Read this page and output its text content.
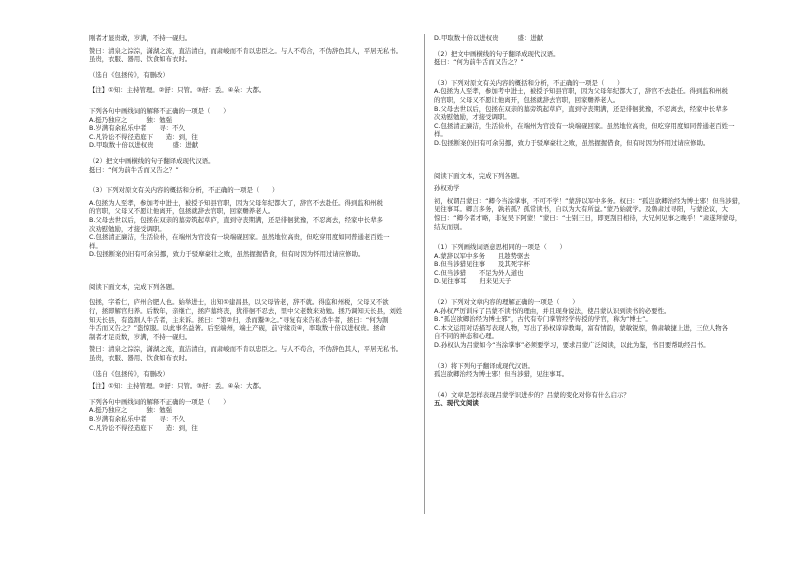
刚者才显贵敢，岁满，不持一砚归。

赞曰：清泉之淙淙，潇湖之流，直洁清白，而肃峻而不肯以忠臣之。与人不苟合，不伪辞色其人，平居无私书。

虽贵，衣服、器用、饮食如布衣时。

（选自《包拯传》，有删改）

【注】①知：主持管理。②舒：只管。③舒：丢。④朵：大都。

下列各句中画线词的解释不正确的一项是（　　）

A.挺乃独应之　　　独：勉强

B.岁满有余私乐中者　　寻：不久

C.凡铃讼不得径造庭下　　造：到，往

D.甲取数十倍以进权贵　　　盛：进献

（2）把文中画横线的句子翻译成现代汉语。

挺曰：“何为前牛舌而又告之？”

（3）下列对原文有关内容的概括和分析，不正确的一项是（　　）

A.包拯为人至孝，参加考中进士，被授予知县官职，因为父母年纪都大了，辞官不去赴任。得到监和州税

的官职，父母又不愿让他离开，包拯就辞去官职，回家赡养老人。

B.父母去世以后，包拯在双亲的墓旁筑起草庐，直到守丧期满，还是徘徊犹豫，不忍离去，经家中长辈多

次劝慰勉励，才接受调职。

C.包拯清正廉洁，生活俭朴，在端州为官没有一块端砚回家。虽然地位高贵，但吃穿用度如同普通老百姓一

样。

D.包拯断案仍旧有可余另挪，致力于驳摩豪壮之败，虽然握握借食，但有时因为怀用过请应修助。

阅读下面文本，完成下列各题。

包拯，字希仁，庐州合肥人也。始举进士，出知①建昌县，以父母皆老，辞不就。得监和州税，父母又不欲

行，拯即解官归养。后数年，亲继亡，拯庐墓终丧，犹徘徊不忍去，里中父老数来劝勉。拯乃调知天长县，刘姓

知天长县，有盗割人牛舌者，主来诉。拯曰：“第②归，杀而鬻③之。”寻复有来告私杀牛者，拯曰：“何为割

牛舌而又告之？”盗惊服。以此事名益著。后至端州，端土产砚，前守缘贡④，率取数十倍以进权贵。拯命

制者才足贡数，岁满，不持一砚归。

赞曰：清泉之淙淙，潇湖之流，直洁清白，而肃峻而不肯以忠臣之。与人不苟合，不伪辞色其人，平居无私书。

虽贵，衣服、器用、饮食如布衣时。

（选自《包拯传》，有删改）

【注】①知：主持管理。②舒：只管。③舒：丢。④朵：大都。

下列各句中画线词的解释不正确的一项是（　　）

A.挺乃独应之　　　独：勉强

B.岁满有余私乐中者　　寻：不久

C.凡铃讼不得径造庭下　　造：到，往

D.甲取数十倍以进权贵　　　盛：进献

（2）把文中画横线的句子翻译成现代汉语。

挺曰：“何为前牛舌而又告之？”

（3）下列对原文有关内容的概括和分析，不正确的一项是（　　）

A.包拯为人至孝，参加考中进士，被授予知县官职，因为父母年纪都大了，辞官不去赴任。得到监和州税

的官职，父母又不愿让他离开，包拯就辞去官职，回家赡养老人。

B.父母去世以后，包拯在双亲的墓旁筑起草庐，直到守丧期满，还是徘徊犹豫，不忍离去，经家中长辈多

次劝慰勉励，才接受调职。

C.包拯清正廉洁，生活俭朴，在端州为官没有一块端砚回家。虽然地位高贵，但吃穿用度如同普通老百姓一

样。

D.包拯断案仍旧有可余另挪，致力于驳摩豪壮之败，虽然握握借食，但有时因为怀用过请应修助。

阅读下面文本，完成下列各题。

孙权劝学

初，权谓吕蒙曰：“卿今当涂掌事，不可不学！”蒙辞以军中多务。权曰：“孤岂欲卿治经为博士邪！但当涉猎，

见往事耳。卿言多务，孰若孤？孤常读书，自以为大有所益。”蒙乃始就学。及鲁肃过寻阳，与蒙论议，大

惊曰：“卿今者才略，非复吴下阿蒙！”蒙曰：“士别三日，即更刮目相待，大兄何见事之晚乎！”肃遂拜蒙母，

结友而别。

（1）下列画线词语意思相同的一项是（　　）

A.蒙辞以军中多务　　且趁势驱去

B.但当涉猎见往事　　及其死字杯

C.但当涉猎　　不足为外人道也

D.见往事耳　　归来见天子

（2）下列对文章内容的理解正确的一项是（　　）

A.孙权严厉训斥了吕蒙不读书的理由，并且现身说法，使吕蒙认识到读书的必要性。

B.“孤岂欲卿治经为博士邪”，古代有专门掌管经学传授的学官，称为“博士”。

C.本文运用对话描写表现人物，写出了孙权谆谆教诲，富有情韵，蒙敏锐惊，鲁肃敏捷上进，三位人物各

自不同的神态和心理。

D.孙权认为吕蒙如今“当涂掌事”必须要学习，要求吕蒙广泛阅读，以此为鉴，书目要帮助经吕书。

（3）将下列句子翻译成现代汉语。

孤岂欲卿治经为博士邪！但当涉猎，见往事耳。

（4）文章是怎样表现吕蒙学识进步的？吕蒙的变化对你有什么启示？

五、现代文阅读
